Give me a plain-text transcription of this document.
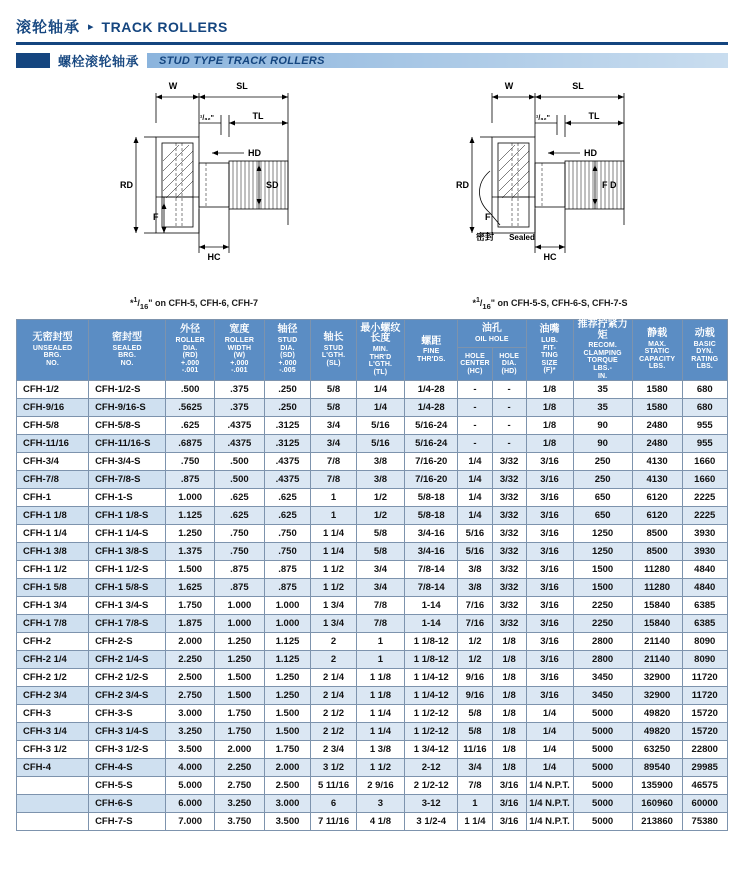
滚轮轴承 ▸ TRACK ROLLERS
螺栓滚轮轴承	STUD TYPE TRACK ROLLERS
W	SL
TL
HD
RD
F
SD
HC
¹/₃₂"
W	SL
TL
HD
RD
F
F D
HC
¹/₃₂"
密封 Sealed
$*^1/_{16}$" on CFH-5, CFH-6, CFH-7	$*^1/_{16}$" on CFH-5-S, CFH-6-S, CFH-7-S
无密封型
UNSEALED
BRG.
NO.

密封型
SEALED
BRG.
NO.

外径
ROLLER
DIA.
(RD)
+.000
-.001

宽度
ROLLER
WIDTH
(W)
+.000
-.001

轴径
STUD
DIA.
(SD)
+.000
-.005

轴长
STUD
L'GTH.
(SL)

最小螺纹长度
MIN.
THR'D
L'GTH.
(TL)

螺距
FINE
THR'DS.

油孔
OIL HOLE

油嘴
LUB.
FIT-
TING
SIZE
(F)*

推荐拧紧力矩
RECOM.
CLAMPING
TORQUE
LBS.-
IN.

静载
MAX.
STATIC
CAPACITY
LBS.

动载
BASIC
DYN.
RATING
LBS.

								HOLE
CENTER
(HC)	HOLE
DIA.
(HD)				

CFH-1/2	CFH-1/2-S	.500	.375	.250	5/8	1/4	1/4-28	-	-	1/8	35	1580	680
CFH-9/16	CFH-9/16-S	.5625	.375	.250	5/8	1/4	1/4-28	-	-	1/8	35	1580	680
CFH-5/8	CFH-5/8-S	.625	.4375	.3125	3/4	5/16	5/16-24	-	-	1/8	90	2480	955
CFH-11/16	CFH-11/16-S	.6875	.4375	.3125	3/4	5/16	5/16-24	-	-	1/8	90	2480	955
CFH-3/4	CFH-3/4-S	.750	.500	.4375	7/8	3/8	7/16-20	1/4	3/32	3/16	250	4130	1660
CFH-7/8	CFH-7/8-S	.875	.500	.4375	7/8	3/8	7/16-20	1/4	3/32	3/16	250	4130	1660
CFH-1	CFH-1-S	1.000	.625	.625	1	1/2	5/8-18	1/4	3/32	3/16	650	6120	2225
CFH-1 1/8	CFH-1 1/8-S	1.125	.625	.625	1	1/2	5/8-18	1/4	3/32	3/16	650	6120	2225
CFH-1 1/4	CFH-1 1/4-S	1.250	.750	.750	1 1/4	5/8	3/4-16	5/16	3/32	3/16	1250	8500	3930
CFH-1 3/8	CFH-1 3/8-S	1.375	.750	.750	1 1/4	5/8	3/4-16	5/16	3/32	3/16	1250	8500	3930
CFH-1 1/2	CFH-1 1/2-S	1.500	.875	.875	1 1/2	3/4	7/8-14	3/8	3/32	3/16	1500	11280	4840
CFH-1 5/8	CFH-1 5/8-S	1.625	.875	.875	1 1/2	3/4	7/8-14	3/8	3/32	3/16	1500	11280	4840
CFH-1 3/4	CFH-1 3/4-S	1.750	1.000	1.000	1 3/4	7/8	1-14	7/16	3/32	3/16	2250	15840	6385
CFH-1 7/8	CFH-1 7/8-S	1.875	1.000	1.000	1 3/4	7/8	1-14	7/16	3/32	3/16	2250	15840	6385
CFH-2	CFH-2-S	2.000	1.250	1.125	2	1	1 1/8-12	1/2	1/8	3/16	2800	21140	8090
CFH-2 1/4	CFH-2 1/4-S	2.250	1.250	1.125	2	1	1 1/8-12	1/2	1/8	3/16	2800	21140	8090
CFH-2 1/2	CFH-2 1/2-S	2.500	1.500	1.250	2 1/4	1 1/8	1 1/4-12	9/16	1/8	3/16	3450	32900	11720
CFH-2 3/4	CFH-2 3/4-S	2.750	1.500	1.250	2 1/4	1 1/8	1 1/4-12	9/16	1/8	3/16	3450	32900	11720
CFH-3	CFH-3-S	3.000	1.750	1.500	2 1/2	1 1/4	1 1/2-12	5/8	1/8	1/4	5000	49820	15720
CFH-3 1/4	CFH-3 1/4-S	3.250	1.750	1.500	2 1/2	1 1/4	1 1/2-12	5/8	1/8	1/4	5000	49820	15720
CFH-3 1/2	CFH-3 1/2-S	3.500	2.000	1.750	2 3/4	1 3/8	1 3/4-12	11/16	1/8	1/4	5000	63250	22800
CFH-4	CFH-4-S	4.000	2.250	2.000	3 1/2	1 1/2	2-12	3/4	1/8	1/4	5000	89540	29985
	CFH-5-S	5.000	2.750	2.500	5 11/16	2 9/16	2 1/2-12	7/8	3/16	1/4 N.P.T.	5000	135900	46575
	CFH-6-S	6.000	3.250	3.000	6	3	3-12	1	3/16	1/4 N.P.T.	5000	160960	60000
	CFH-7-S	7.000	3.750	3.500	7 11/16	4 1/8	3 1/2-4	1 1/4	3/16	1/4 N.P.T.	5000	213860	75380
